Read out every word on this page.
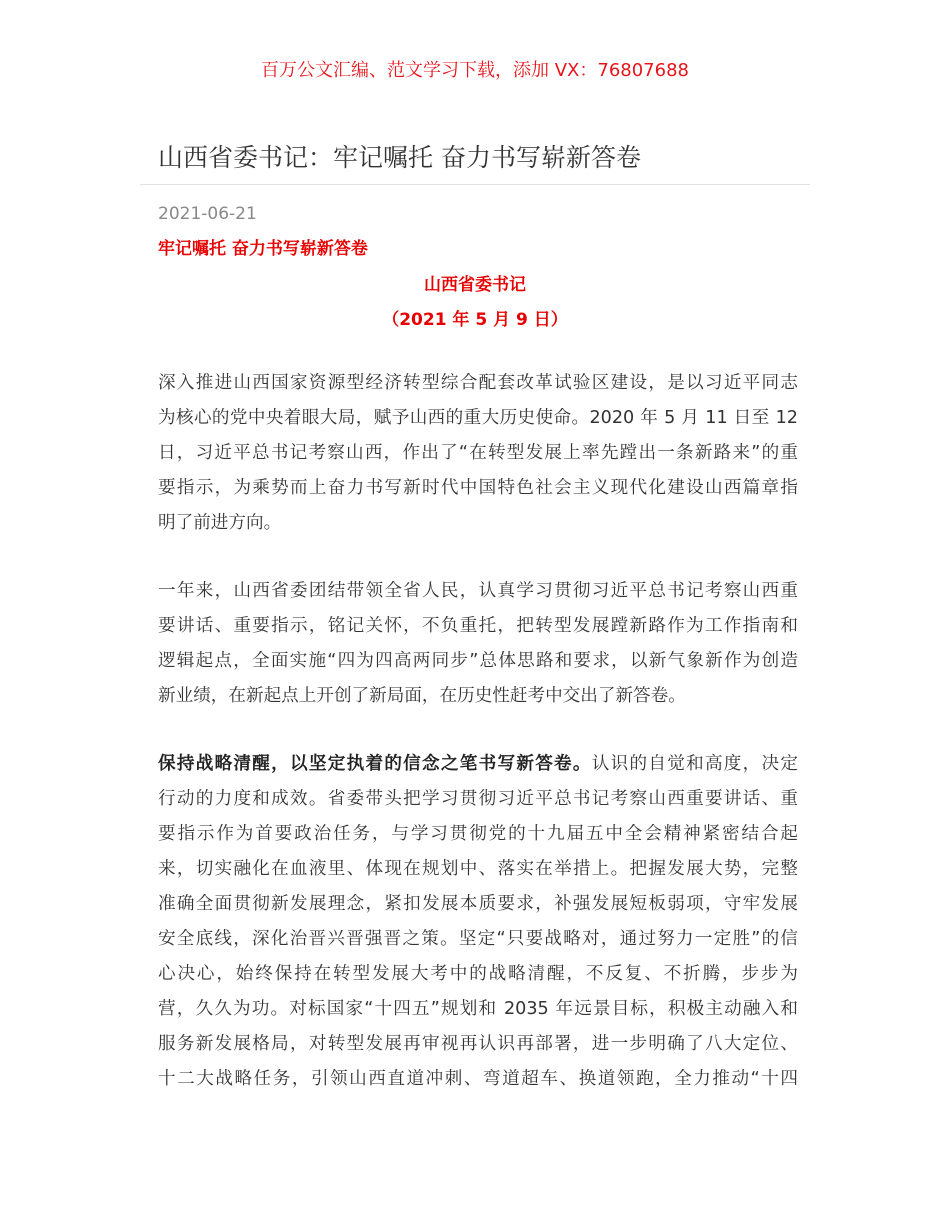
百万公文汇编、范文学习下载，添加 VX：76807688
山西省委书记：牢记嘱托 奋力书写崭新答卷
2021-06-21
牢记嘱托 奋力书写崭新答卷
山西省委书记
（2021 年 5 月 9 日）
深入推进山西国家资源型经济转型综合配套改革试验区建设，是以习近平同志
为核心的党中央着眼大局，赋予山西的重大历史使命。2020 年 5 月 11 日至 12
日，习近平总书记考察山西，作出了“在转型发展上率先蹚出一条新路来”的重
要指示，为乘势而上奋力书写新时代中国特色社会主义现代化建设山西篇章指
明了前进方向。
一年来，山西省委团结带领全省人民，认真学习贯彻习近平总书记考察山西重
要讲话、重要指示，铭记关怀，不负重托，把转型发展蹚新路作为工作指南和
逻辑起点，全面实施“四为四高两同步”总体思路和要求，以新气象新作为创造
新业绩，在新起点上开创了新局面，在历史性赶考中交出了新答卷。
保持战略清醒，以坚定执着的信念之笔书写新答卷。认识的自觉和高度，决定
行动的力度和成效。省委带头把学习贯彻习近平总书记考察山西重要讲话、重
要指示作为首要政治任务，与学习贯彻党的十九届五中全会精神紧密结合起
来，切实融化在血液里、体现在规划中、落实在举措上。把握发展大势，完整
准确全面贯彻新发展理念，紧扣发展本质要求，补强发展短板弱项，守牢发展
安全底线，深化治晋兴晋强晋之策。坚定“只要战略对，通过努力一定胜”的信
心决心，始终保持在转型发展大考中的战略清醒，不反复、不折腾，步步为
营，久久为功。对标国家“十四五”规划和 2035 年远景目标，积极主动融入和
服务新发展格局，对转型发展再审视再认识再部署，进一步明确了八大定位、
十二大战略任务，引领山西直道冲刺、弯道超车、换道领跑，全力推动“十四
